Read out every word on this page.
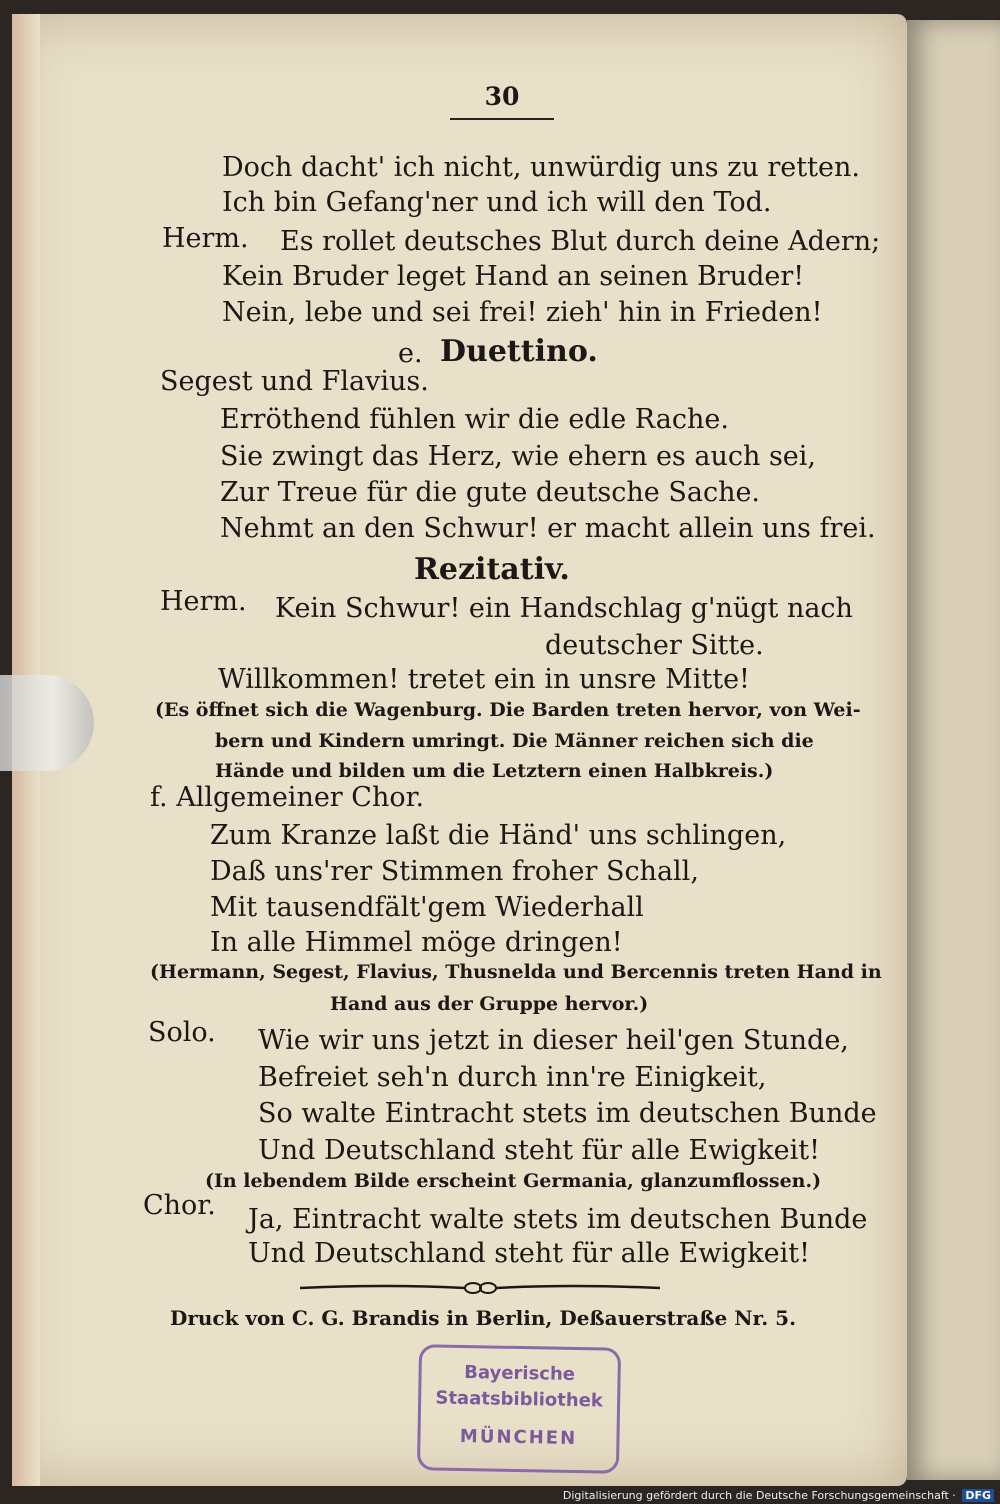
30
Doch dacht' ich nicht, unwürdig uns zu retten.
Ich bin Gefang'ner und ich will den Tod.
Herm. Es rollet deutsches Blut durch deine Adern;
Kein Bruder leget Hand an seinen Bruder!
Nein, lebe und sei frei! zieh' hin in Frieden!
e. Duettino.
Segest und Flavius.
Erröthend fühlen wir die edle Rache.
Sie zwingt das Herz, wie ehern es auch sei,
Zur Treue für die gute deutsche Sache.
Nehmt an den Schwur! er macht allein uns frei.
Rezitativ.
Herm. Kein Schwur! ein Handschlag g'nügt nach
deutscher Sitte.
Willkommen! tretet ein in unsre Mitte!
(Es öffnet sich die Wagenburg. Die Barden treten hervor, von Wei-
bern und Kindern umringt. Die Männer reichen sich die
Hände und bilden um die Letztern einen Halbkreis.)
f. Allgemeiner Chor.
Zum Kranze laßt die Händ' uns schlingen,
Daß uns'rer Stimmen froher Schall,
Mit tausendfält'gem Wiederhall
In alle Himmel möge dringen!
(Hermann, Segest, Flavius, Thusnelda und Bercennis treten Hand in
Hand aus der Gruppe hervor.)
Solo. Wie wir uns jetzt in dieser heil'gen Stunde,
Befreiet seh'n durch inn're Einigkeit,
So walte Eintracht stets im deutschen Bunde
Und Deutschland steht für alle Ewigkeit!
(In lebendem Bilde erscheint Germania, glanzumflossen.)
Chor. Ja, Eintracht walte stets im deutschen Bunde
Und Deutschland steht für alle Ewigkeit!
Druck von C. G. Brandis in Berlin, Deßauerstraße Nr. 5.
Bayerische
Staatsbibliothek
MÜNCHEN
Digitalisierung gefördert durch die Deutsche Forschungsgemeinschaft · DFG
